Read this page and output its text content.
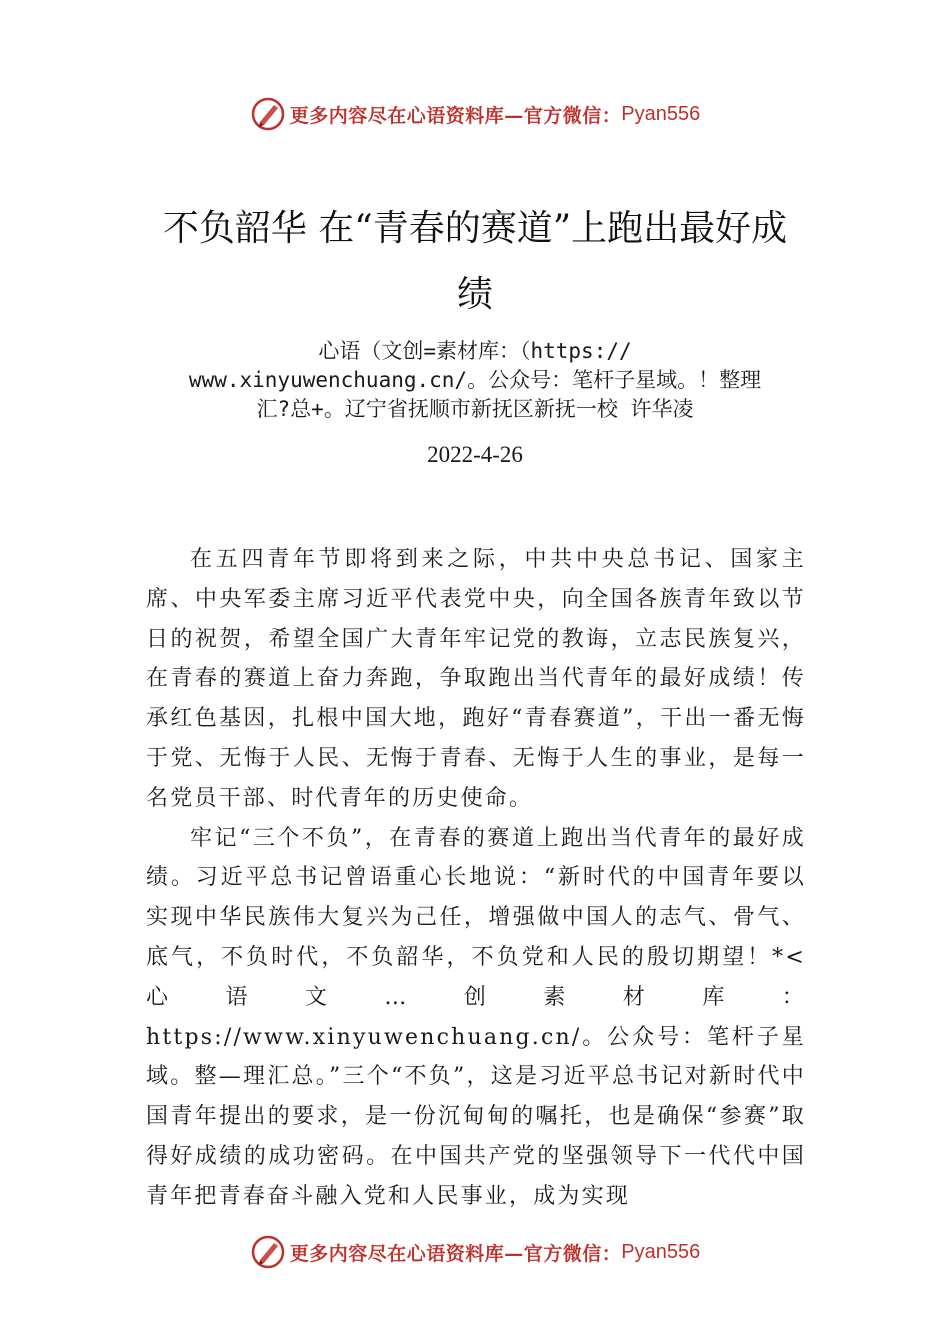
更多内容尽在心语资料库—官方微信： Pyan556
不负韶华 在“青春的赛道”上跑出最好成
绩
心语（文创=素材库：（https://
www.xinyuwenchuang.cn/。公众号：笔杆子星域。！整理
汇?总+。辽宁省抚顺市新抚区新抚一校 许华凌
2022-4-26

在五四青年节即将到来之际，中共中央总书记、国家主席、中央军委主席习近平代表党中央，向全国各族青年致以节日的祝贺，希望全国广大青年牢记党的教诲，立志民族复兴，在青春的赛道上奋力奔跑，争取跑出当代青年的最好成绩！传承红色基因，扎根中国大地，跑好“青春赛道”，干出一番无悔于党、无悔于人民、无悔于青春、无悔于人生的事业，是每一名党员干部、时代青年的历史使命。

牢记“三个不负”，在青春的赛道上跑出当代青年的最好成绩。习近平总书记曾语重心长地说：“新时代的中国青年要以实现中华民族伟大复兴为己任，增强做中国人的志气、骨气、底气，不负时代，不负韶华，不负党和人民的殷切期望！*<心语文…创素材库：https://www.xinyuwenchuang.cn/。公众号：笔杆子星域。整—理汇总。”三个“不负”，这是习近平总书记对新时代中国青年提出的要求，是一份沉甸甸的嘱托，也是确保“参赛”取得好成绩的成功密码。在中国共产党的坚强领导下一代代中国青年把青春奋斗融入党和人民事业，成为实现

更多内容尽在心语资料库—官方微信： Pyan556
